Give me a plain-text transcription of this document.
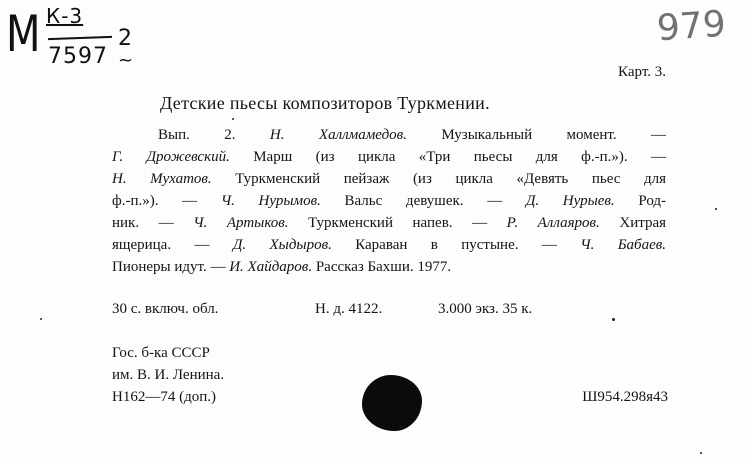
М К-3
7597
2
~
979
Карт. 3.
Детские пьесы композиторов Туркмении.
Вып. 2. Н. Халлмамедов. Музыкальный момент. —
Г. Дрожевский. Марш (из цикла «Три пьесы для ф.-п.»). —
Н. Мухатов. Туркменский пейзаж (из цикла «Девять пьес для
ф.-п.»). — Ч. Нурымов. Вальс девушек. — Д. Нурыев. Род-
ник. — Ч. Артыков. Туркменский напев. — Р. Аллаяров. Хитрая
ящерица. — Д. Хыдыров. Караван в пустыне. — Ч. Бабаев.
Пионеры идут. — И. Хайдаров. Рассказ Бахши. 1977.
30 с. включ. обл.	Н. д. 4122.	3.000 экз. 35 к.
Гос. б-ка СССР
им. В. И. Ленина.
Н162—74 (доп.)	Ш954.298я43
